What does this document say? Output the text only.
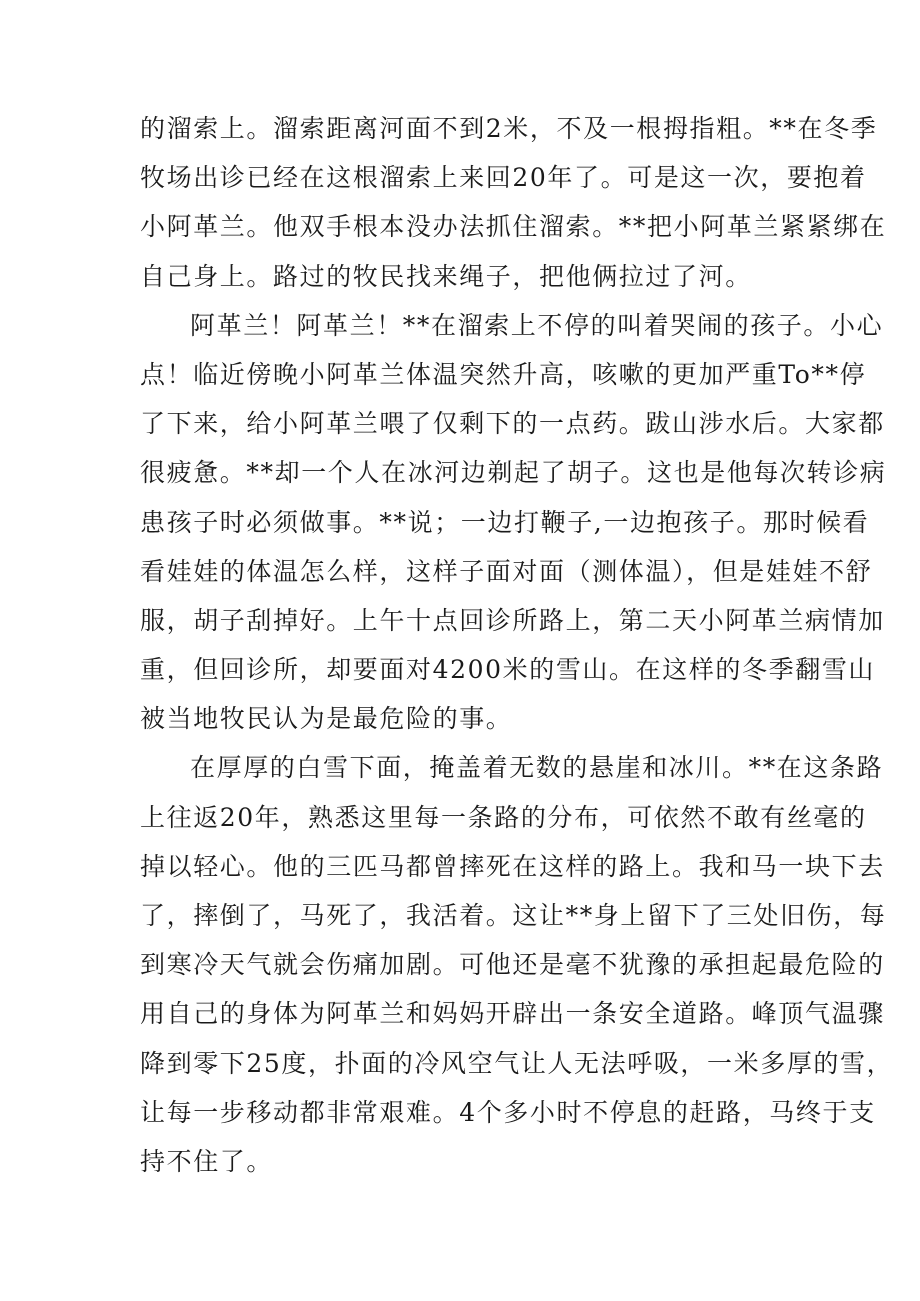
的溜索上。溜索距离河面不到2米，不及一根拇指粗。**在冬季
牧场出诊已经在这根溜索上来回20年了。可是这一次，要抱着
小阿革兰。他双手根本没办法抓住溜索。**把小阿革兰紧紧绑在
自己身上。路过的牧民找来绳子，把他俩拉过了河。
阿革兰！阿革兰！**在溜索上不停的叫着哭闹的孩子。小心
点！临近傍晚小阿革兰体温突然升高，咳嗽的更加严重To**停
了下来，给小阿革兰喂了仅剩下的一点药。跋山涉水后。大家都
很疲惫。**却一个人在冰河边剃起了胡子。这也是他每次转诊病
患孩子时必须做事。**说；一边打鞭子,一边抱孩子。那时候看
看娃娃的体温怎么样，这样子面对面（测体温），但是娃娃不舒
服，胡子刮掉好。上午十点回诊所路上，第二天小阿革兰病情加
重，但回诊所，却要面对4200米的雪山。在这样的冬季翻雪山
被当地牧民认为是最危险的事。
在厚厚的白雪下面，掩盖着无数的悬崖和冰川。**在这条路
上往返20年，熟悉这里每一条路的分布，可依然不敢有丝毫的
掉以轻心。他的三匹马都曾摔死在这样的路上。我和马一块下去
了，摔倒了，马死了，我活着。这让**身上留下了三处旧伤，每
到寒冷天气就会伤痛加剧。可他还是毫不犹豫的承担起最危险的
用自己的身体为阿革兰和妈妈开辟出一条安全道路。峰顶气温骤
降到零下25度，扑面的冷风空气让人无法呼吸，一米多厚的雪，
让每一步移动都非常艰难。4个多小时不停息的赶路，马终于支
持不住了。
